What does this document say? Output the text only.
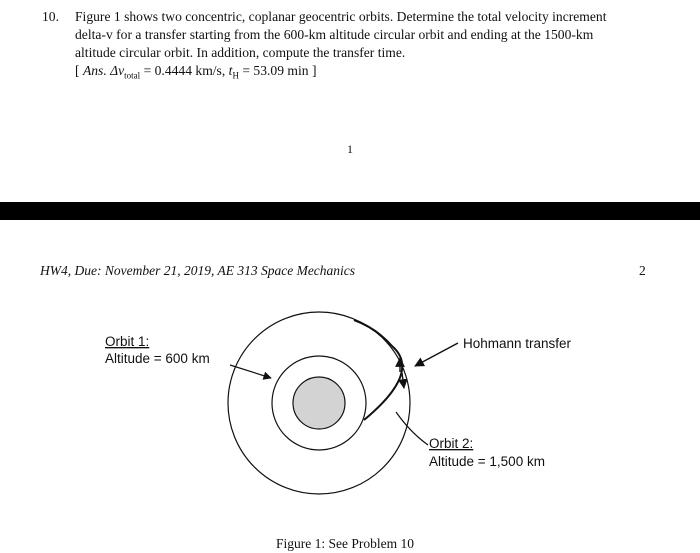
10. Figure 1 shows two concentric, coplanar geocentric orbits. Determine the total velocity increment
delta-v for a transfer starting from the 600-km altitude circular orbit and ending at the 1500-km
altitude circular orbit. In addition, compute the transfer time.
[ Ans. $\Delta v_{total} = 0.4444$ km/s, $t_H = 53.09$ min ]
1
HW4, Due: November 21, 2019, AE 313 Space Mechanics	2
Orbit 1:
Altitude = 600 km
Hohmann transfer
Orbit 2:
Altitude = 1,500 km
Figure 1: See Problem 10
